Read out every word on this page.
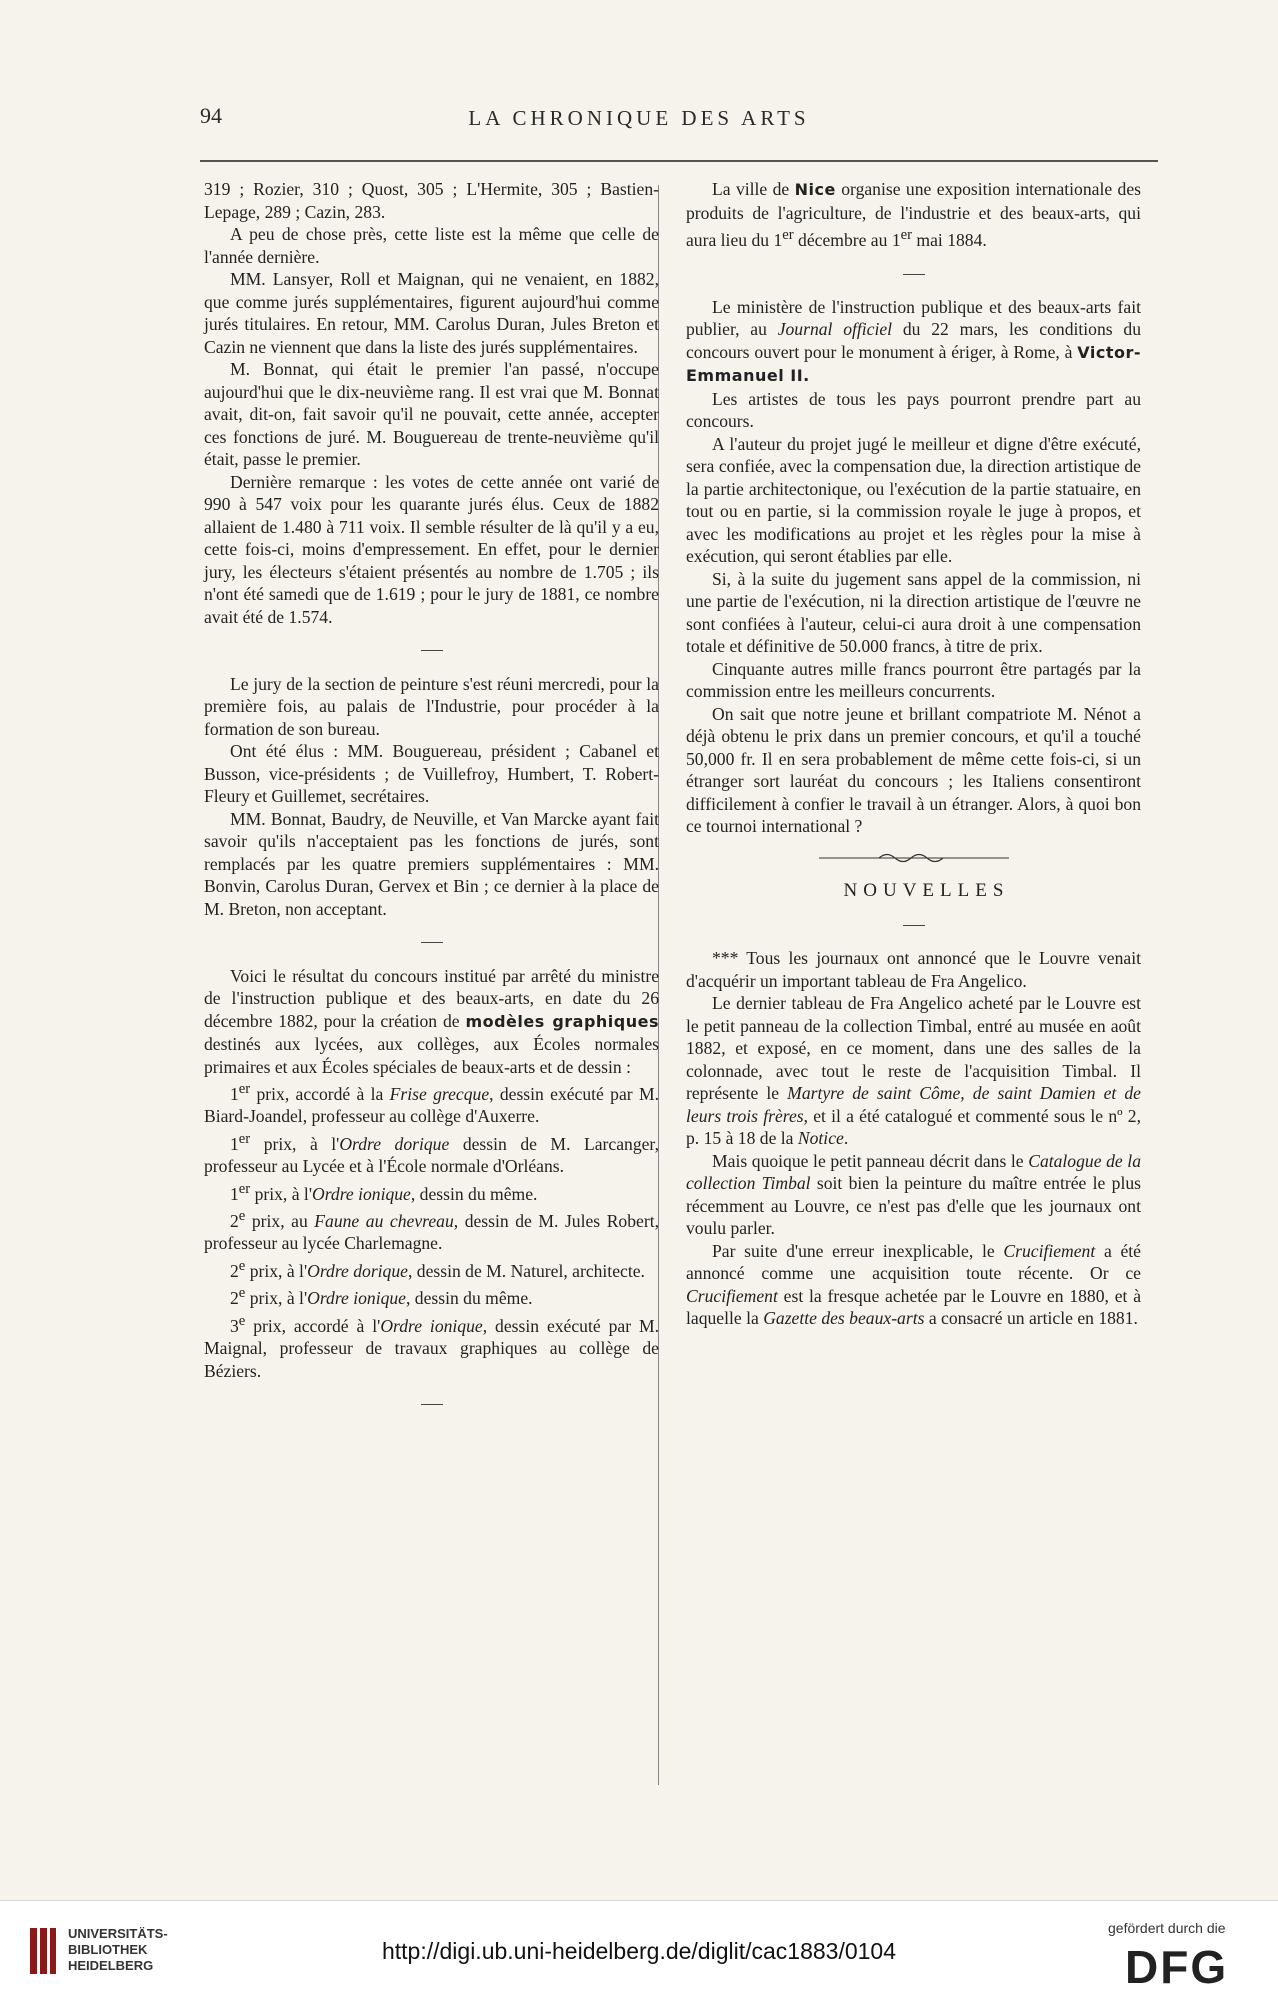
94	LA CHRONIQUE DES ARTS

319 ; Rozier, 310 ; Quost, 305 ; L'Hermite, 305 ; Bastien-Lepage, 289 ; Cazin, 283.

A peu de chose près, cette liste est la même que celle de l'année dernière.

MM. Lansyer, Roll et Maignan, qui ne venaient, en 1882, que comme jurés supplémentaires, figurent aujourd'hui comme jurés titulaires. En retour, MM. Carolus Duran, Jules Breton et Cazin ne viennent que dans la liste des jurés supplémentaires.

M. Bonnat, qui était le premier l'an passé, n'occupe aujourd'hui que le dix-neuvième rang. Il est vrai que M. Bonnat avait, dit-on, fait savoir qu'il ne pouvait, cette année, accepter ces fonctions de juré. M. Bouguereau de trente-neuvième qu'il était, passe le premier.

Dernière remarque : les votes de cette année ont varié de 990 à 547 voix pour les quarante jurés élus. Ceux de 1882 allaient de 1.480 à 711 voix. Il semble résulter de là qu'il y a eu, cette fois-ci, moins d'empressement. En effet, pour le dernier jury, les électeurs s'étaient présentés au nombre de 1.705 ; ils n'ont été samedi que de 1.619 ; pour le jury de 1881, ce nombre avait été de 1.574.

Le jury de la section de peinture s'est réuni mercredi, pour la première fois, au palais de l'Industrie, pour procéder à la formation de son bureau.

Ont été élus : MM. Bouguereau, président ; Cabanel et Busson, vice-présidents ; de Vuillefroy, Humbert, T. Robert-Fleury et Guillemet, secrétaires.

MM. Bonnat, Baudry, de Neuville, et Van Marcke ayant fait savoir qu'ils n'acceptaient pas les fonctions de jurés, sont remplacés par les quatre premiers supplémentaires : MM. Bonvin, Carolus Duran, Gervex et Bin ; ce dernier à la place de M. Breton, non acceptant.

Voici le résultat du concours institué par arrêté du ministre de l'instruction publique et des beaux-arts, en date du 26 décembre 1882, pour la création de modèles graphiques destinés aux lycées, aux collèges, aux Écoles normales primaires et aux Écoles spéciales de beaux-arts et de dessin :

1er prix, accordé à la Frise grecque, dessin exécuté par M. Biard-Joandel, professeur au collège d'Auxerre.

1er prix, à l'Ordre dorique dessin de M. Larcanger, professeur au Lycée et à l'École normale d'Orléans.

1er prix, à l'Ordre ionique, dessin du même.

2e prix, au Faune au chevreau, dessin de M. Jules Robert, professeur au lycée Charlemagne.

2e prix, à l'Ordre dorique, dessin de M. Naturel, architecte.

2e prix, à l'Ordre ionique, dessin du même.

3e prix, accordé à l'Ordre ionique, dessin exécuté par M. Maignal, professeur de travaux graphiques au collège de Béziers.

La ville de Nice organise une exposition internationale des produits de l'agriculture, de l'industrie et des beaux-arts, qui aura lieu du 1er décembre au 1er mai 1884.

Le ministère de l'instruction publique et des beaux-arts fait publier, au Journal officiel du 22 mars, les conditions du concours ouvert pour le monument à ériger, à Rome, à Victor-Emmanuel II.

Les artistes de tous les pays pourront prendre part au concours.

A l'auteur du projet jugé le meilleur et digne d'être exécuté, sera confiée, avec la compensation due, la direction artistique de la partie architectonique, ou l'exécution de la partie statuaire, en tout ou en partie, si la commission royale le juge à propos, et avec les modifications au projet et les règles pour la mise à exécution, qui seront établies par elle.

Si, à la suite du jugement sans appel de la commission, ni une partie de l'exécution, ni la direction artistique de l'œuvre ne sont confiées à l'auteur, celui-ci aura droit à une compensation totale et définitive de 50.000 francs, à titre de prix.

Cinquante autres mille francs pourront être partagés par la commission entre les meilleurs concurrents.

On sait que notre jeune et brillant compatriote M. Nénot a déjà obtenu le prix dans un premier concours, et qu'il a touché 50,000 fr. Il en sera probablement de même cette fois-ci, si un étranger sort lauréat du concours ; les Italiens consentiront difficilement à confier le travail à un étranger. Alors, à quoi bon ce tournoi international ?

NOUVELLES

*** Tous les journaux ont annoncé que le Louvre venait d'acquérir un important tableau de Fra Angelico.

Le dernier tableau de Fra Angelico acheté par le Louvre est le petit panneau de la collection Timbal, entré au musée en août 1882, et exposé, en ce moment, dans une des salles de la colonnade, avec tout le reste de l'acquisition Timbal. Il représente le Martyre de saint Côme, de saint Damien et de leurs trois frères, et il a été catalogué et commenté sous le nº 2, p. 15 à 18 de la Notice.

Mais quoique le petit panneau décrit dans le Catalogue de la collection Timbal soit bien la peinture du maître entrée le plus récemment au Louvre, ce n'est pas d'elle que les journaux ont voulu parler.

Par suite d'une erreur inexplicable, le Crucifiement a été annoncé comme une acquisition toute récente. Or ce Crucifiement est la fresque achetée par le Louvre en 1880, et à laquelle la Gazette des beaux-arts a consacré un article en 1881.

UNIVERSITÄTS-
BIBLIOTHEK
HEIDELBERG
http://digi.ub.uni-heidelberg.de/diglit/cac1883/0104
gefördert durch die
DFG
